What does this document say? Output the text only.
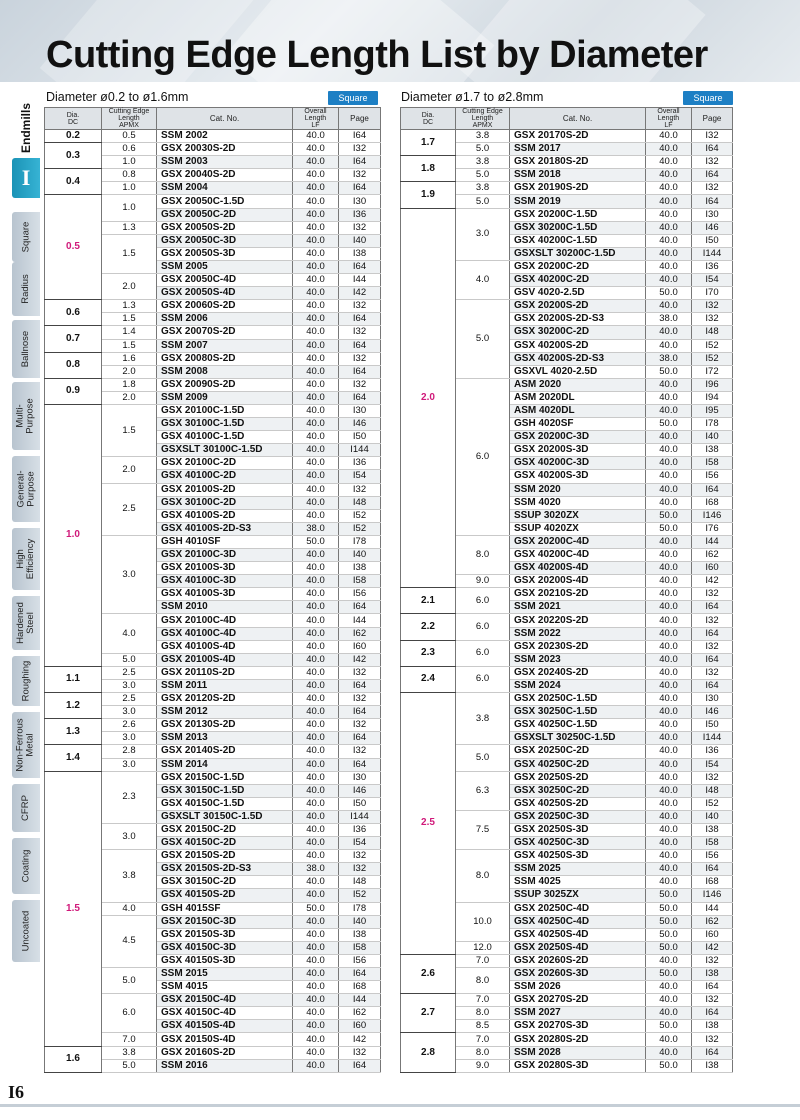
Cutting Edge Length List by Diameter
Endmills
I
Square
Radius
Ballnose
Multi-
Purpose
General-
Purpose
High
Efficiency
Hardened
Steel
Roughing
Non-Ferrous
Metal
CFRP
Coating
Uncoated
Diameter ø0.2 to ø1.6mm	Square	Diameter ø1.7 to ø2.8mm	Square
Dia.
DC	Cutting Edge Length
APMX	Cat. No.	Overall Length
LF	Page
0.2	0.5	SSM 2002	40.0	I64
0.3	0.6	GSX 20030S-2D	40.0	I32
	1.0	SSM 2003	40.0	I64
0.4	0.8	GSX 20040S-2D	40.0	I32
	1.0	SSM 2004	40.0	I64
0.5	1.0	GSX 20050C-1.5D	40.0	I30
		GSX 20050C-2D	40.0	I36
	1.3	GSX 20050S-2D	40.0	I32
	1.5	GSX 20050C-3D	40.0	I40
		GSX 20050S-3D	40.0	I38
		SSM 2005	40.0	I64
	2.0	GSX 20050C-4D	40.0	I44
		GSX 20050S-4D	40.0	I42
0.6	1.3	GSX 20060S-2D	40.0	I32
	1.5	SSM 2006	40.0	I64
0.7	1.4	GSX 20070S-2D	40.0	I32
	1.5	SSM 2007	40.0	I64
0.8	1.6	GSX 20080S-2D	40.0	I32
	2.0	SSM 2008	40.0	I64
0.9	1.8	GSX 20090S-2D	40.0	I32
	2.0	SSM 2009	40.0	I64
1.0	1.5	GSX 20100C-1.5D	40.0	I30
		GSX 30100C-1.5D	40.0	I46
		GSX 40100C-1.5D	40.0	I50
		GSXSLT 30100C-1.5D	40.0	I144
	2.0	GSX 20100C-2D	40.0	I36
		GSX 40100C-2D	40.0	I54
	2.5	GSX 20100S-2D	40.0	I32
		GSX 30100C-2D	40.0	I48
		GSX 40100S-2D	40.0	I52
		GSX 40100S-2D-S3	38.0	I52
	3.0	GSH 4010SF	50.0	I78
		GSX 20100C-3D	40.0	I40
		GSX 20100S-3D	40.0	I38
		GSX 40100C-3D	40.0	I58
		GSX 40100S-3D	40.0	I56
		SSM 2010	40.0	I64
	4.0	GSX 20100C-4D	40.0	I44
		GSX 40100C-4D	40.0	I62
		GSX 40100S-4D	40.0	I60
	5.0	GSX 20100S-4D	40.0	I42
1.1	2.5	GSX 20110S-2D	40.0	I32
	3.0	SSM 2011	40.0	I64
1.2	2.5	GSX 20120S-2D	40.0	I32
	3.0	SSM 2012	40.0	I64
1.3	2.6	GSX 20130S-2D	40.0	I32
	3.0	SSM 2013	40.0	I64
1.4	2.8	GSX 20140S-2D	40.0	I32
	3.0	SSM 2014	40.0	I64
1.5	2.3	GSX 20150C-1.5D	40.0	I30
		GSX 30150C-1.5D	40.0	I46
		GSX 40150C-1.5D	40.0	I50
		GSXSLT 30150C-1.5D	40.0	I144
	3.0	GSX 20150C-2D	40.0	I36
		GSX 40150C-2D	40.0	I54
	3.8	GSX 20150S-2D	40.0	I32
		GSX 20150S-2D-S3	38.0	I32
		GSX 30150C-2D	40.0	I48
		GSX 40150S-2D	40.0	I52
	4.0	GSH 4015SF	50.0	I78
	4.5	GSX 20150C-3D	40.0	I40
		GSX 20150S-3D	40.0	I38
		GSX 40150C-3D	40.0	I58
		GSX 40150S-3D	40.0	I56
	5.0	SSM 2015	40.0	I64
		SSM 4015	40.0	I68
	6.0	GSX 20150C-4D	40.0	I44
		GSX 40150C-4D	40.0	I62
		GSX 40150S-4D	40.0	I60
	7.0	GSX 20150S-4D	40.0	I42
1.6	3.8	GSX 20160S-2D	40.0	I32
	5.0	SSM 2016	40.0	I64
Dia.
DC	Cutting Edge Length
APMX	Cat. No.	Overall Length
LF	Page
1.7	3.8	GSX 20170S-2D	40.0	I32
	5.0	SSM 2017	40.0	I64
1.8	3.8	GSX 20180S-2D	40.0	I32
	5.0	SSM 2018	40.0	I64
1.9	3.8	GSX 20190S-2D	40.0	I32
	5.0	SSM 2019	40.0	I64
2.0	3.0	GSX 20200C-1.5D	40.0	I30
		GSX 30200C-1.5D	40.0	I46
		GSX 40200C-1.5D	40.0	I50
		GSXSLT 30200C-1.5D	40.0	I144
	4.0	GSX 20200C-2D	40.0	I36
		GSX 40200C-2D	40.0	I54
		GSV 4020-2.5D	50.0	I70
	5.0	GSX 20200S-2D	40.0	I32
		GSX 20200S-2D-S3	38.0	I32
		GSX 30200C-2D	40.0	I48
		GSX 40200S-2D	40.0	I52
		GSX 40200S-2D-S3	38.0	I52
		GSXVL 4020-2.5D	50.0	I72
	6.0	ASM 2020	40.0	I96
		ASM 2020DL	40.0	I94
		ASM 4020DL	40.0	I95
		GSH 4020SF	50.0	I78
		GSX 20200C-3D	40.0	I40
		GSX 20200S-3D	40.0	I38
		GSX 40200C-3D	40.0	I58
		GSX 40200S-3D	40.0	I56
		SSM 2020	40.0	I64
		SSM 4020	40.0	I68
		SSUP 3020ZX	50.0	I146
		SSUP 4020ZX	50.0	I76
	8.0	GSX 20200C-4D	40.0	I44
		GSX 40200C-4D	40.0	I62
		GSX 40200S-4D	40.0	I60
	9.0	GSX 20200S-4D	40.0	I42
2.1	6.0	GSX 20210S-2D	40.0	I32
		SSM 2021	40.0	I64
2.2	6.0	GSX 20220S-2D	40.0	I32
		SSM 2022	40.0	I64
2.3	6.0	GSX 20230S-2D	40.0	I32
		SSM 2023	40.0	I64
2.4	6.0	GSX 20240S-2D	40.0	I32
		SSM 2024	40.0	I64
2.5	3.8	GSX 20250C-1.5D	40.0	I30
		GSX 30250C-1.5D	40.0	I46
		GSX 40250C-1.5D	40.0	I50
		GSXSLT 30250C-1.5D	40.0	I144
	5.0	GSX 20250C-2D	40.0	I36
		GSX 40250C-2D	40.0	I54
	6.3	GSX 20250S-2D	40.0	I32
		GSX 30250C-2D	40.0	I48
		GSX 40250S-2D	40.0	I52
	7.5	GSX 20250C-3D	40.0	I40
		GSX 20250S-3D	40.0	I38
		GSX 40250C-3D	40.0	I58
	8.0	GSX 40250S-3D	40.0	I56
		SSM 2025	40.0	I64
		SSM 4025	40.0	I68
		SSUP 3025ZX	50.0	I146
	10.0	GSX 20250C-4D	50.0	I44
		GSX 40250C-4D	50.0	I62
		GSX 40250S-4D	50.0	I60
	12.0	GSX 20250S-4D	50.0	I42
2.6	7.0	GSX 20260S-2D	40.0	I32
	8.0	GSX 20260S-3D	50.0	I38
		SSM 2026	40.0	I64
2.7	7.0	GSX 20270S-2D	40.0	I32
	8.0	SSM 2027	40.0	I64
	8.5	GSX 20270S-3D	50.0	I38
2.8	7.0	GSX 20280S-2D	40.0	I32
	8.0	SSM 2028	40.0	I64
	9.0	GSX 20280S-3D	50.0	I38
I6
